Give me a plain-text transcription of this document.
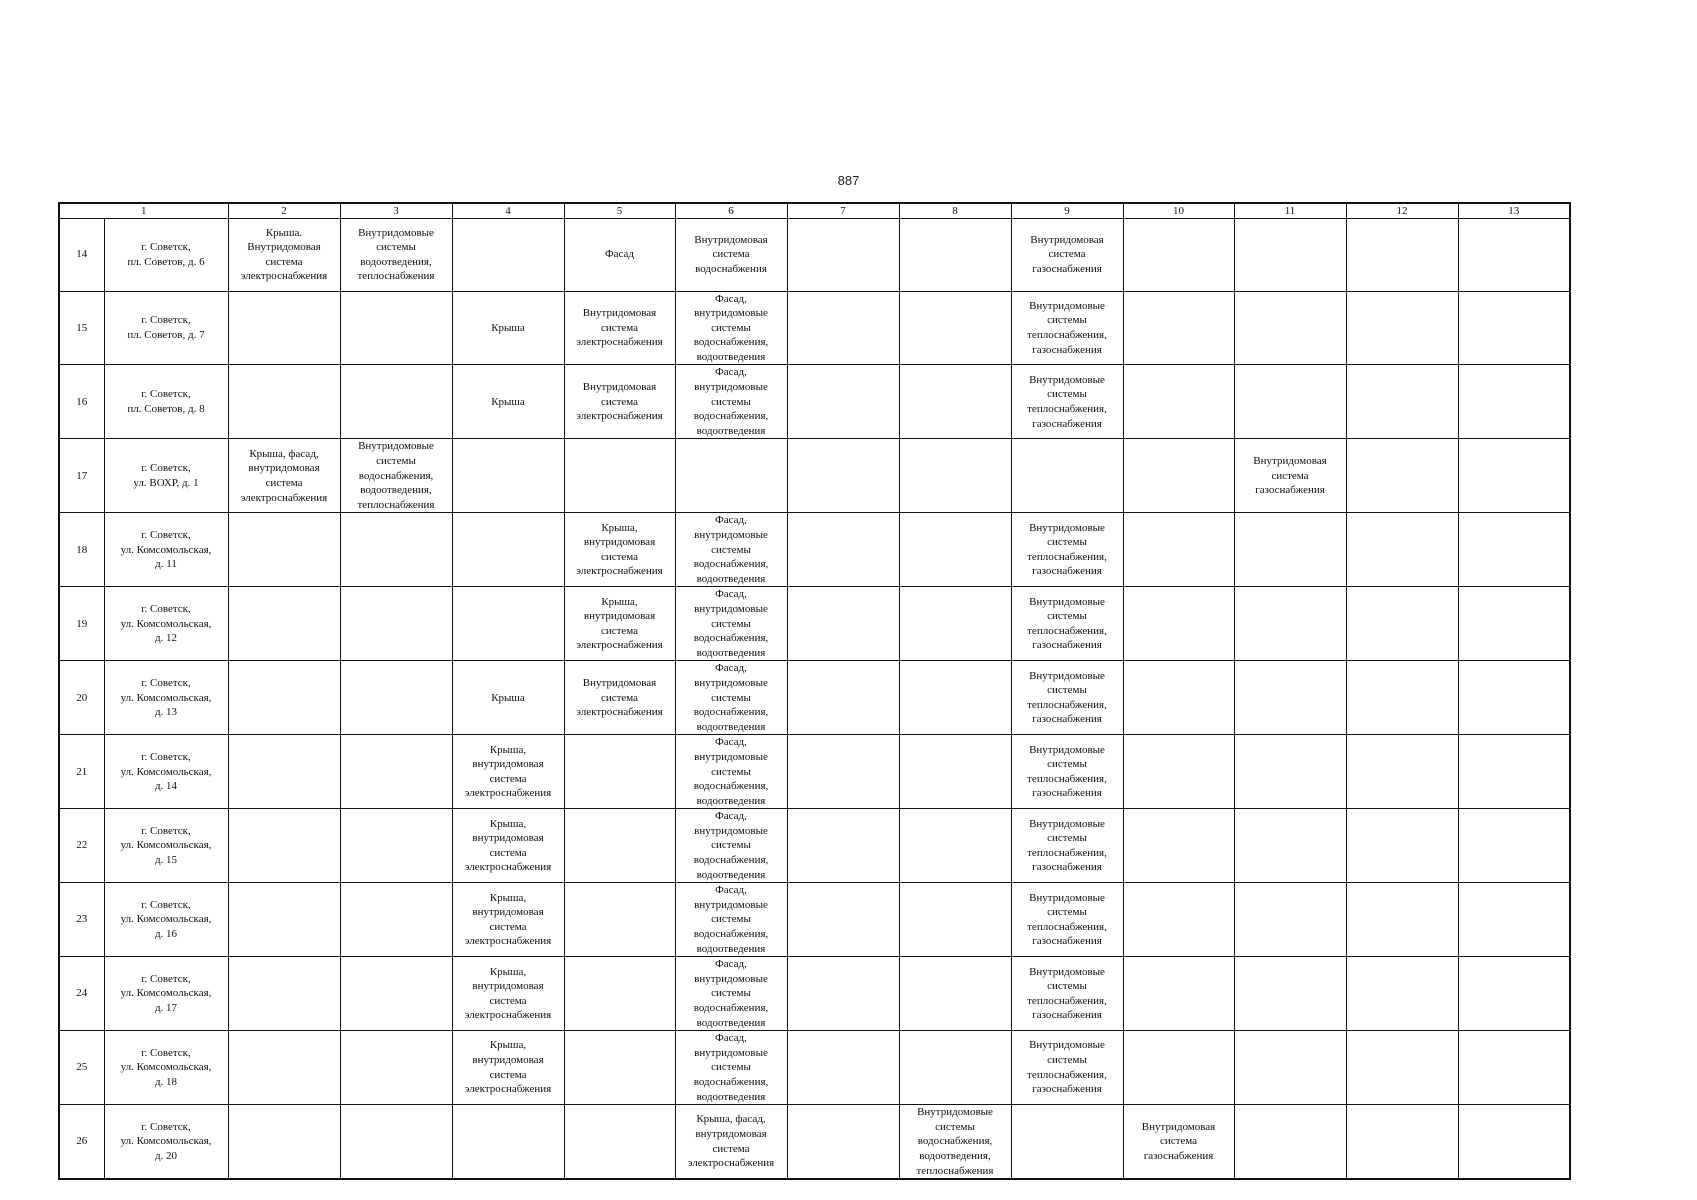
887
1		2	3	4	5	6	7	8	9	10	11	12	13
14	г. Советск,
пл. Советов, д. 6	Крыша.
Внутридомовая
система
электроснабжения	Внутридомовые
системы
водоотведения,
теплоснабжения		Фасад	Внутридомовая
система
водоснабжения			Внутридомовая
система
газоснабжения				
15	г. Советск,
пл. Советов, д. 7			Крыша	Внутридомовая
система
электроснабжения	Фасад,
внутридомовые
системы
водоснабжения,
водоотведения			Внутридомовые
системы
теплоснабжения,
газоснабжения				
16	г. Советск,
пл. Советов, д. 8			Крыша	Внутридомовая
система
электроснабжения	Фасад,
внутридомовые
системы
водоснабжения,
водоотведения			Внутридомовые
системы
теплоснабжения,
газоснабжения				
17	г. Советск,
ул. ВОХР, д. 1	Крыша, фасад,
внутридомовая
система
электроснабжения	Внутридомовые
системы
водоснабжения,
водоотведения,
теплоснабжения								Внутридомовая
система
газоснабжения		
18	г. Советск,
ул. Комсомольская,
д. 11				Крыша,
внутридомовая
система
электроснабжения	Фасад,
внутридомовые
системы
водоснабжения,
водоотведения			Внутридомовые
системы
теплоснабжения,
газоснабжения				
19	г. Советск,
ул. Комсомольская,
д. 12				Крыша,
внутридомовая
система
электроснабжения	Фасад,
внутридомовые
системы
водоснабжения,
водоотведения			Внутридомовые
системы
теплоснабжения,
газоснабжения				
20	г. Советск,
ул. Комсомольская,
д. 13			Крыша	Внутридомовая
система
электроснабжения	Фасад,
внутридомовые
системы
водоснабжения,
водоотведения			Внутридомовые
системы
теплоснабжения,
газоснабжения				
21	г. Советск,
ул. Комсомольская,
д. 14			Крыша,
внутридомовая
система
электроснабжения		Фасад,
внутридомовые
системы
водоснабжения,
водоотведения			Внутридомовые
системы
теплоснабжения,
газоснабжения				
22	г. Советск,
ул. Комсомольская,
д. 15			Крыша,
внутридомовая
система
электроснабжения		Фасад,
внутридомовые
системы
водоснабжения,
водоотведения			Внутридомовые
системы
теплоснабжения,
газоснабжения				
23	г. Советск,
ул. Комсомольская,
д. 16			Крыша,
внутридомовая
система
электроснабжения		Фасад,
внутридомовые
системы
водоснабжения,
водоотведения			Внутридомовые
системы
теплоснабжения,
газоснабжения				
24	г. Советск,
ул. Комсомольская,
д. 17			Крыша,
внутридомовая
система
электроснабжения		Фасад,
внутридомовые
системы
водоснабжения,
водоотведения			Внутридомовые
системы
теплоснабжения,
газоснабжения				
25	г. Советск,
ул. Комсомольская,
д. 18			Крыша,
внутридомовая
система
электроснабжения		Фасад,
внутридомовые
системы
водоснабжения,
водоотведения			Внутридомовые
системы
теплоснабжения,
газоснабжения				
26	г. Советск,
ул. Комсомольская,
д. 20					Крыша, фасад,
внутридомовая
система
электроснабжения		Внутридомовые
системы
водоснабжения,
водоотведения,
теплоснабжения		Внутридомовая
система
газоснабжения			
